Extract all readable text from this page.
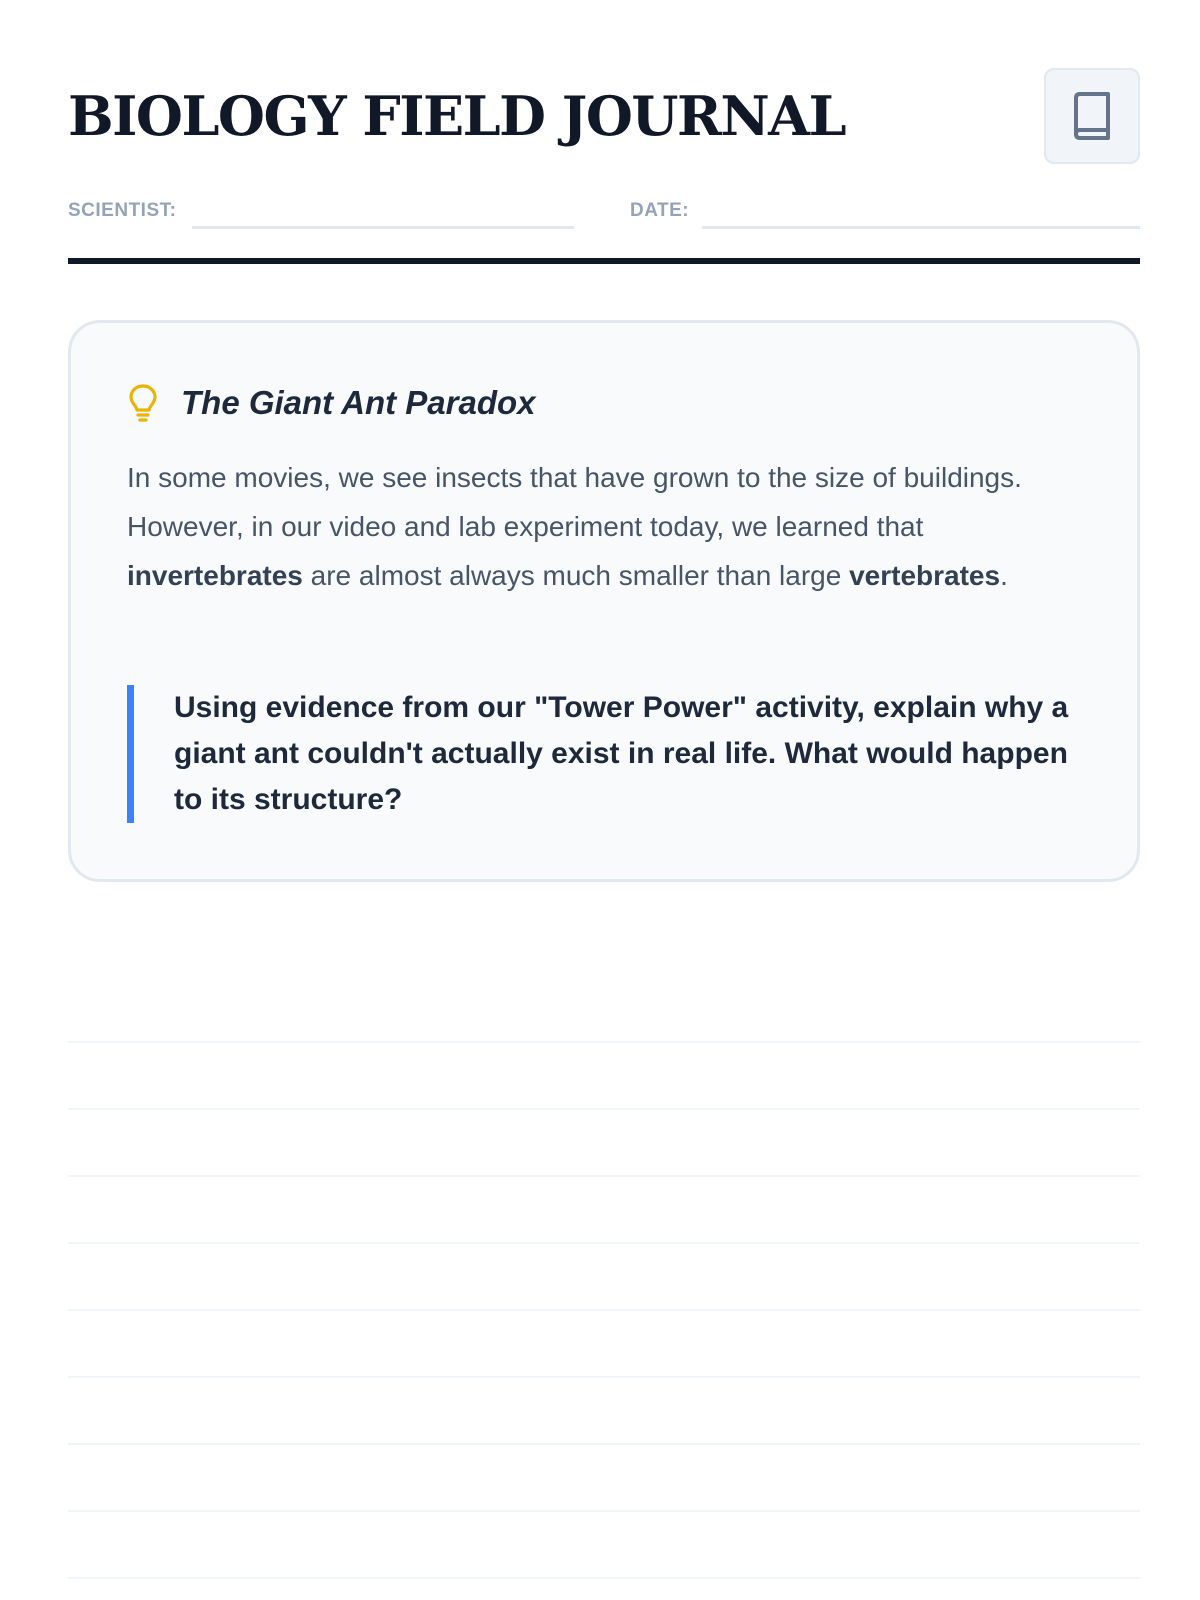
BIOLOGY FIELD JOURNAL
SCIENTIST:	DATE:
The Giant Ant Paradox

In some movies, we see insects that have grown to the size of buildings. However, in our video and lab experiment today, we learned that invertebrates are almost always much smaller than large vertebrates.

Using evidence from our "Tower Power" activity, explain why a giant ant couldn't actually exist in real life. What would happen to its structure?
